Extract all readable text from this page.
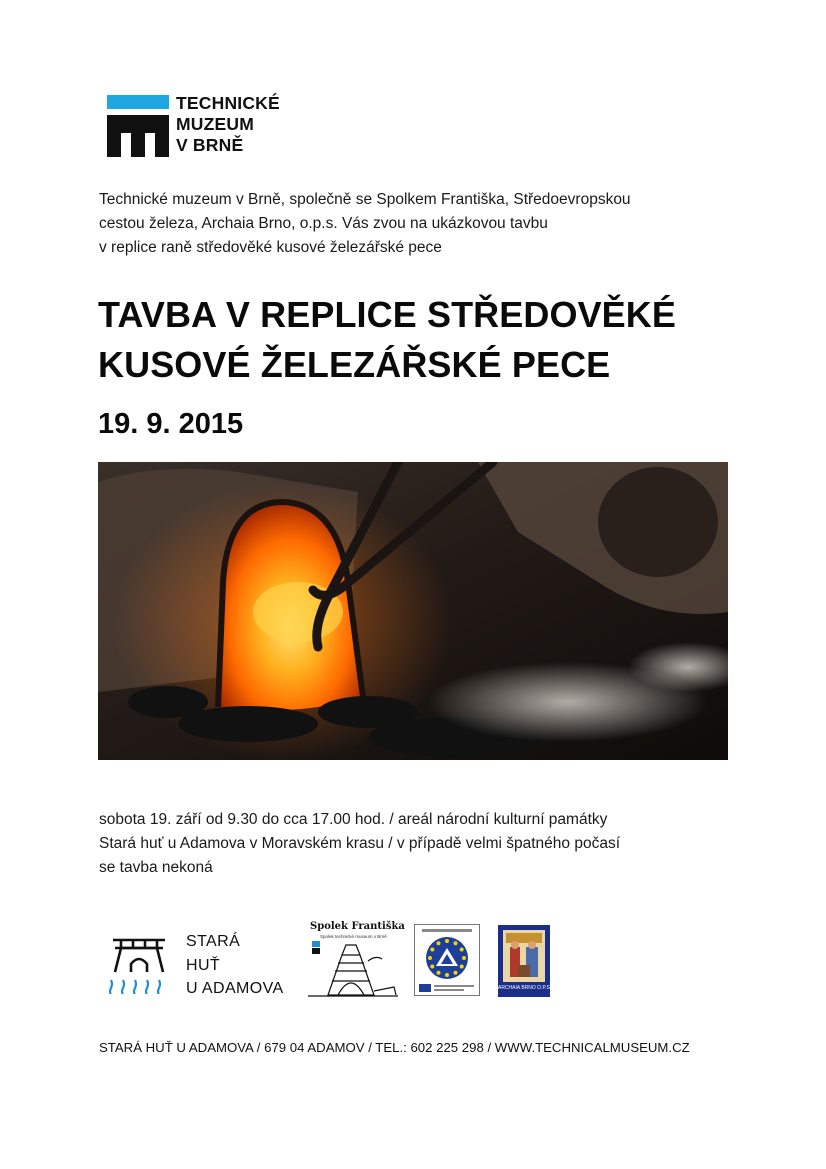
TECHNICKÉ
MUZEUM
V BRNĚ
Technické muzeum v Brně, společně se Spolkem Františka, Středoevropskou
cestou železa, Archaia Brno, o.p.s. Vás zvou na ukázkovou tavbu
v replice raně středověké kusové železářské pece
TAVBA V REPLICE STŘEDOVĚKÉ
KUSOVÉ ŽELEZÁŘSKÉ PECE
19. 9. 2015
sobota 19. září od 9.30 do cca 17.00 hod. / areál národní kulturní památky
Stará huť u Adamova v Moravském krasu / v případě velmi špatného počasí
se tavba nekoná
STARÁ
HUŤ
U ADAMOVA
Spolek Františka
Spolek technické museum v Brně
ARCHAIA BRNO O.P.S.
STARÁ HUŤ U ADAMOVA / 679 04 ADAMOV / TEL.: 602 225 298 / WWW.TECHNICALMUSEUM.CZ
